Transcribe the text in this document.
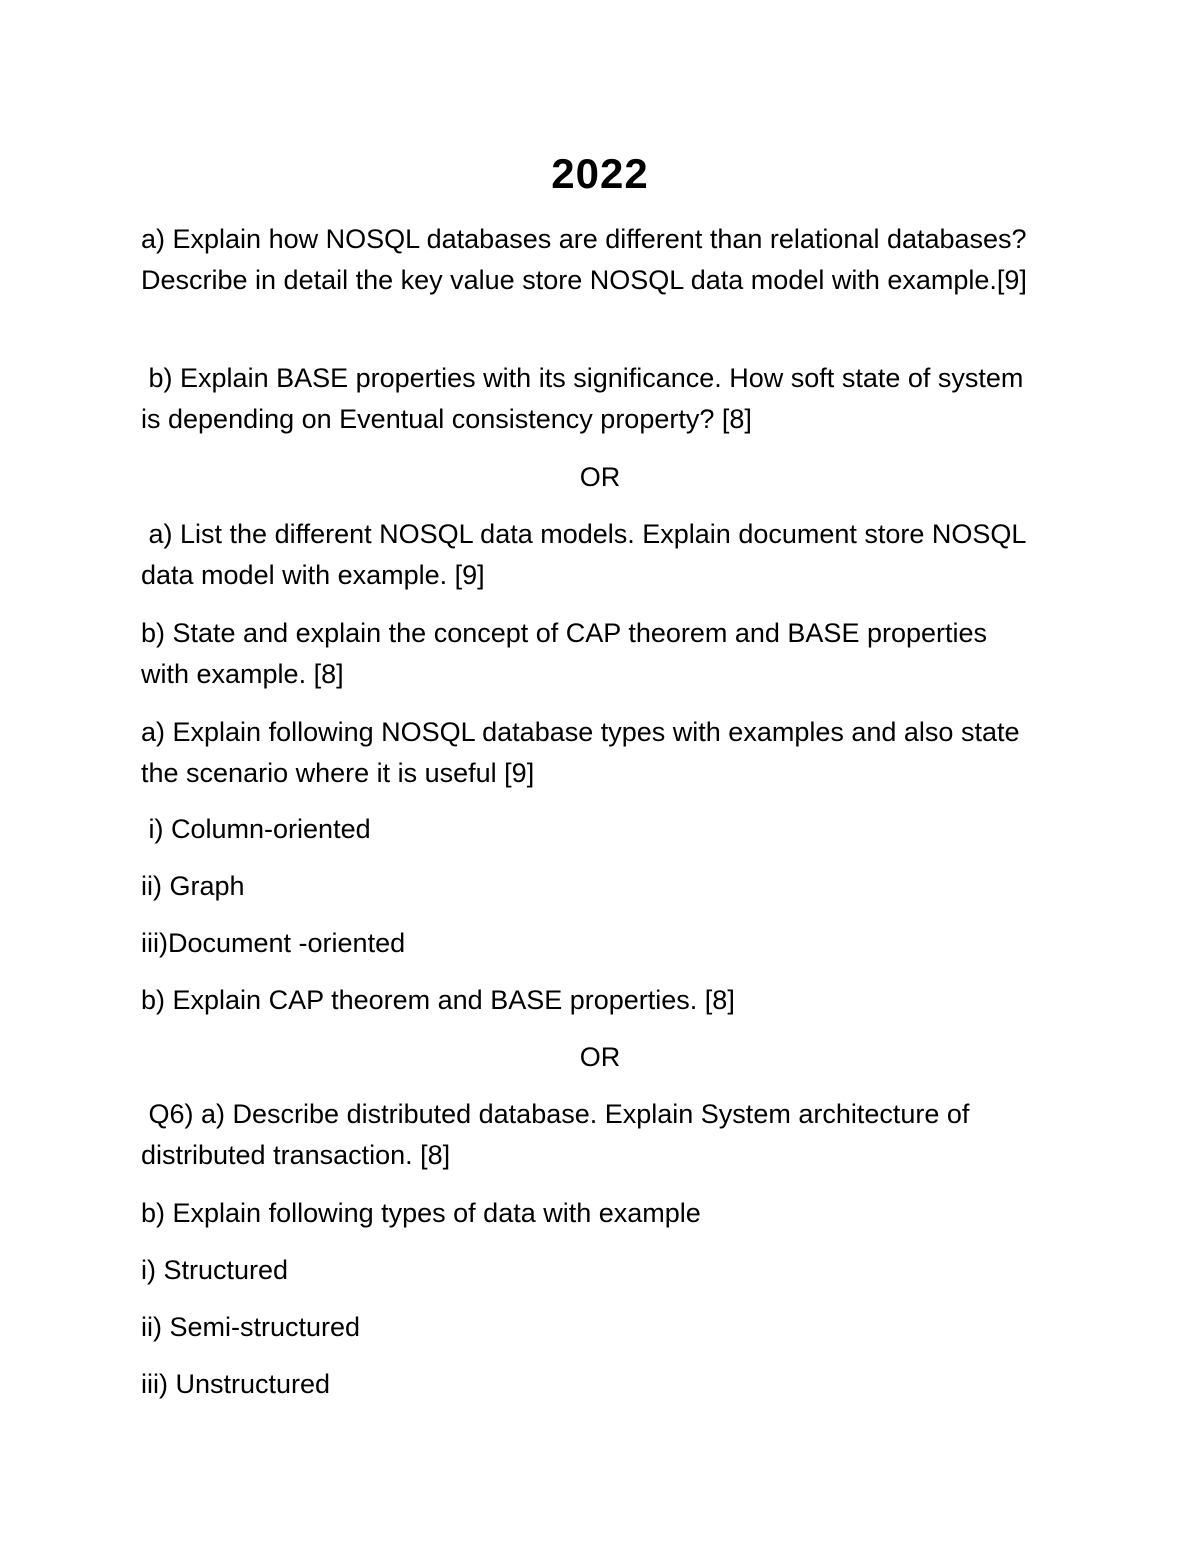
2022
a) Explain how NOSQL databases are different than relational databases? Describe in detail the key value store NOSQL data model with example.[9]
b) Explain BASE properties with its significance. How soft state of system is depending on Eventual consistency property? [8]
OR
a) List the different NOSQL data models. Explain document store NOSQL data model with example. [9]
b) State and explain the concept of CAP theorem and BASE properties with example. [8]
a) Explain following NOSQL database types with examples and also state the scenario where it is useful [9]
i) Column-oriented
ii) Graph
iii)Document -oriented
b) Explain CAP theorem and BASE properties. [8]
OR
Q6) a) Describe distributed database. Explain System architecture of distributed transaction. [8]
b) Explain following types of data with example
i) Structured
ii) Semi-structured
iii) Unstructured
